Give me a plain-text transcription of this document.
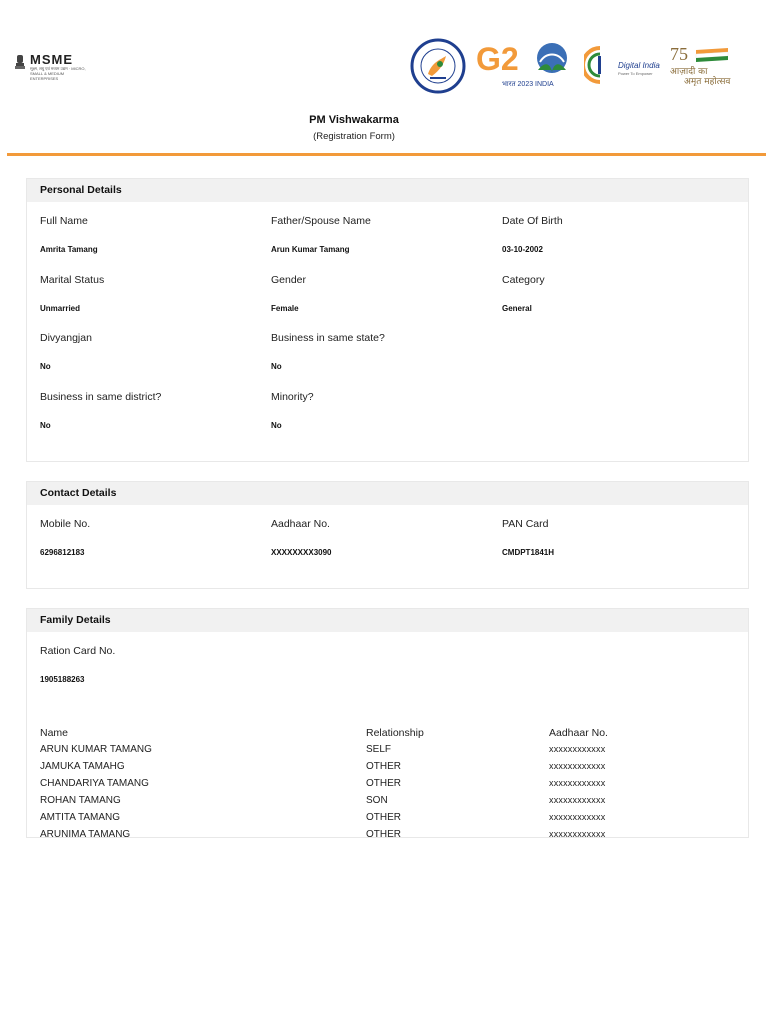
MSME
सूक्ष्म, लघु एवं मध्यम उद्यम · MICRO, SMALL & MEDIUM ENTERPRISES
G2
भारत 2023 INDIA
Digital India
Power To Empower
75
आज़ादी का
अमृत महोत्सव
PM Vishwakarma
(Registration Form)
Personal Details
Full Name
Amrita Tamang
Father/Spouse Name
Arun Kumar Tamang
Date Of Birth
03-10-2002
Marital Status
Unmarried
Gender
Female
Category
General
Divyangjan
No
Business in same state?
No
Business in same district?
No
Minority?
No
Contact Details
Mobile No.
6296812183
Aadhaar No.
XXXXXXXX3090
PAN Card
CMDPT1841H
Family Details
Ration Card No.
1905188263
Name	Relationship	Aadhaar No.
ARUN KUMAR TAMANG	SELF	xxxxxxxxxxxx
JAMUKA TAMAHG	OTHER	xxxxxxxxxxxx
CHANDARIYA TAMANG	OTHER	xxxxxxxxxxxx
ROHAN TAMANG	SON	xxxxxxxxxxxx
AMTITA TAMANG	OTHER	xxxxxxxxxxxx
ARUNIMA TAMANG	OTHER	xxxxxxxxxxxx
